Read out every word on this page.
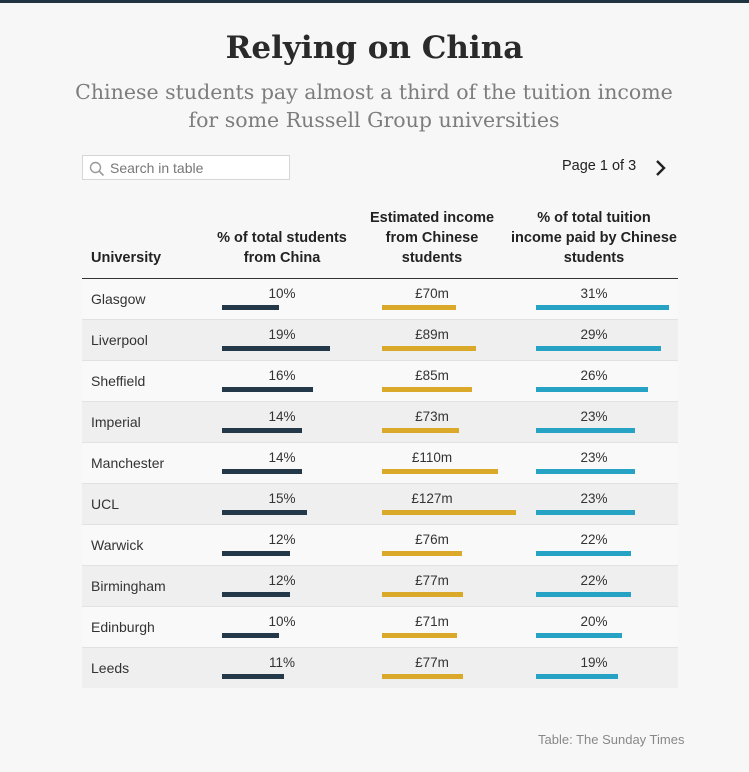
Relying on China
Chinese students pay almost a third of the tuition income for some Russell Group universities
Search in table
Page 1 of 3
University	% of total students from China	Estimated income from Chinese students	% of total tuition income paid by Chinese students
Glasgow	10%	£70m	31%

Liverpool	19%	£89m	29%

Sheffield	16%	£85m	26%

Imperial	14%	£73m	23%

Manchester	14%	£110m	23%

UCL	15%	£127m	23%

Warwick	12%	£76m	22%

Birmingham	12%	£77m	22%

Edinburgh	10%	£71m	20%

Leeds	11%	£77m	19%
Table: The Sunday Times
